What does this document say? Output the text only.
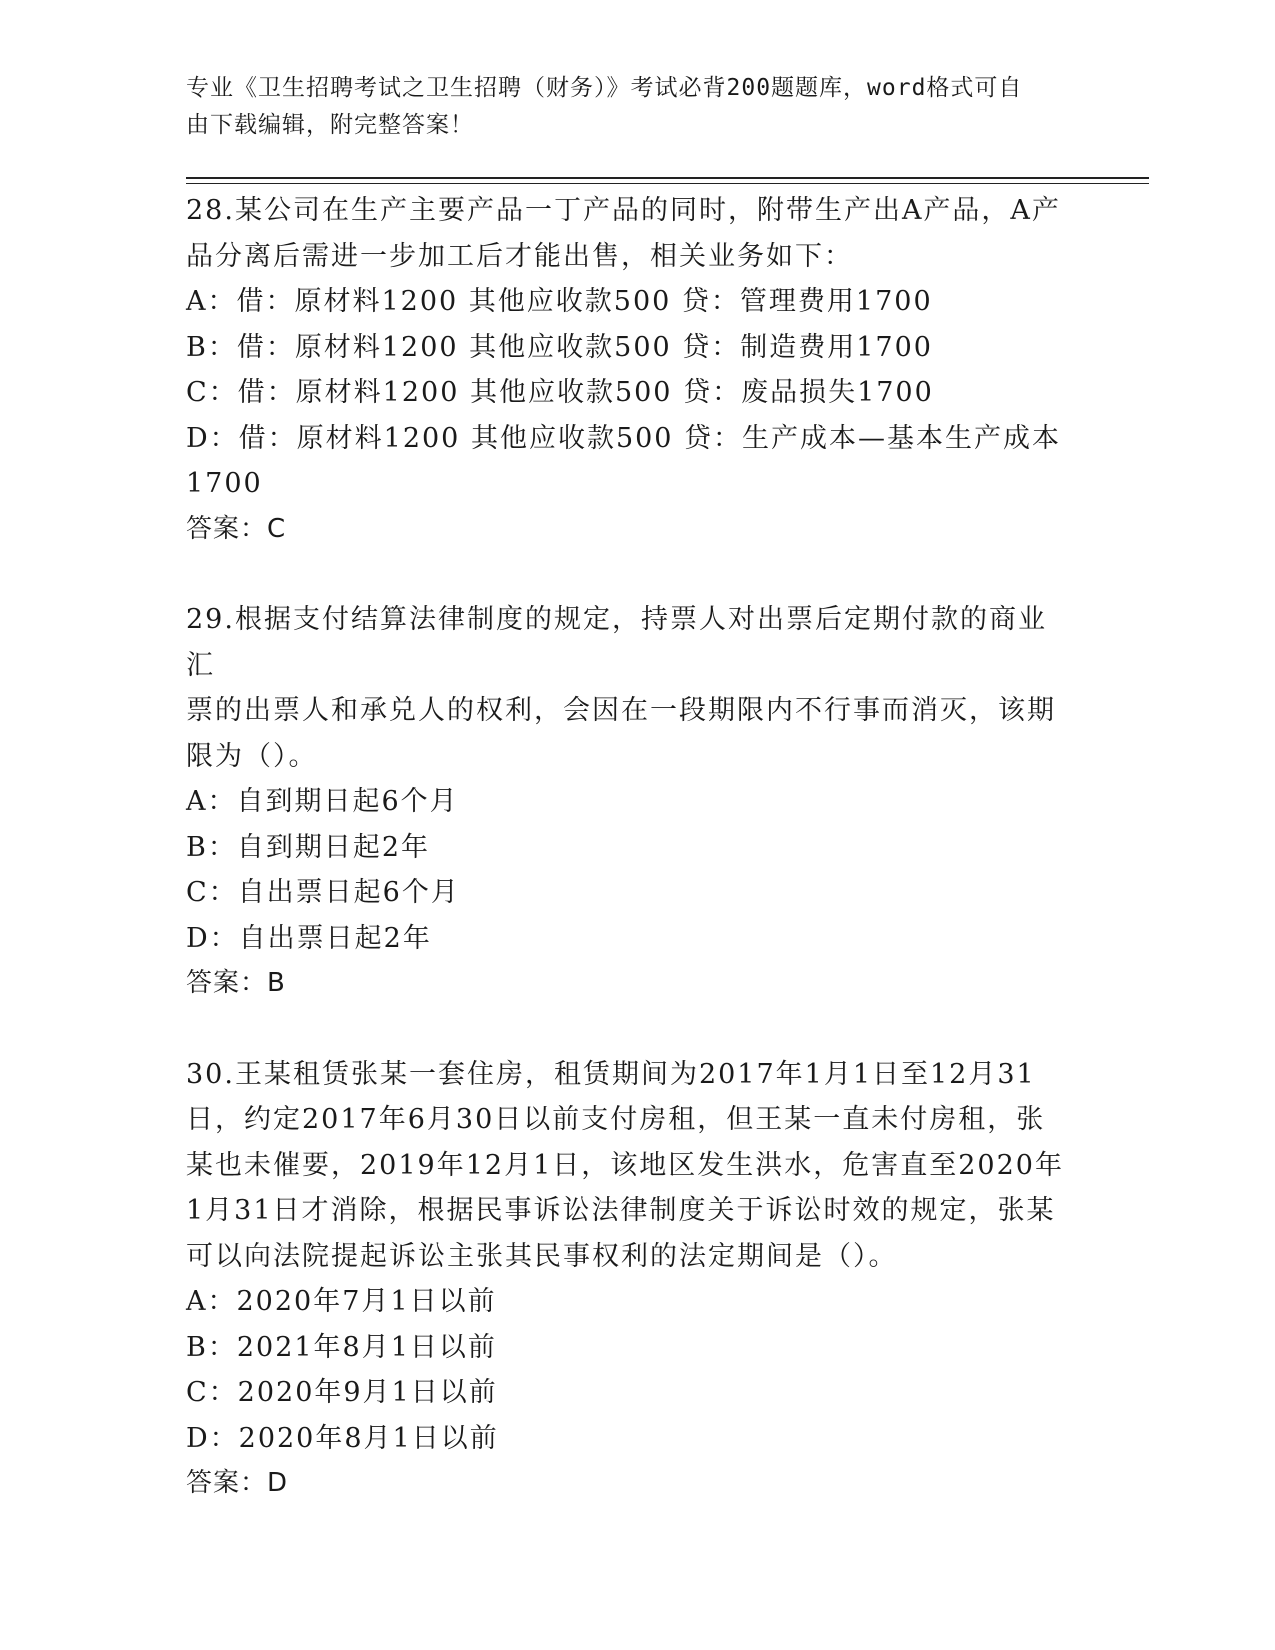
专业《卫生招聘考试之卫生招聘（财务）》考试必背200题题库，word格式可自
由下载编辑，附完整答案！

28.某公司在生产主要产品一丁产品的同时，附带生产出A产品，A产

品分离后需进一步加工后才能出售，相关业务如下：

A：借：原材料1200 其他应收款500 贷：管理费用1700

B：借：原材料1200 其他应收款500 贷：制造费用1700

C：借：原材料1200 其他应收款500 贷：废品损失1700

D：借：原材料1200 其他应收款500 贷：生产成本—基本生产成本

1700

答案：C

29.根据支付结算法律制度的规定，持票人对出票后定期付款的商业汇

票的出票人和承兑人的权利，会因在一段期限内不行事而消灭，该期

限为（）。

A：自到期日起6个月

B：自到期日起2年

C：自出票日起6个月

D：自出票日起2年

答案：B

30.王某租赁张某一套住房，租赁期间为2017年1月1日至12月31

日，约定2017年6月30日以前支付房租，但王某一直未付房租，张

某也未催要，2019年12月1日，该地区发生洪水，危害直至2020年

1月31日才消除，根据民事诉讼法律制度关于诉讼时效的规定，张某

可以向法院提起诉讼主张其民事权利的法定期间是（）。

A：2020年7月1日以前

B：2021年8月1日以前

C：2020年9月1日以前

D：2020年8月1日以前

答案：D
